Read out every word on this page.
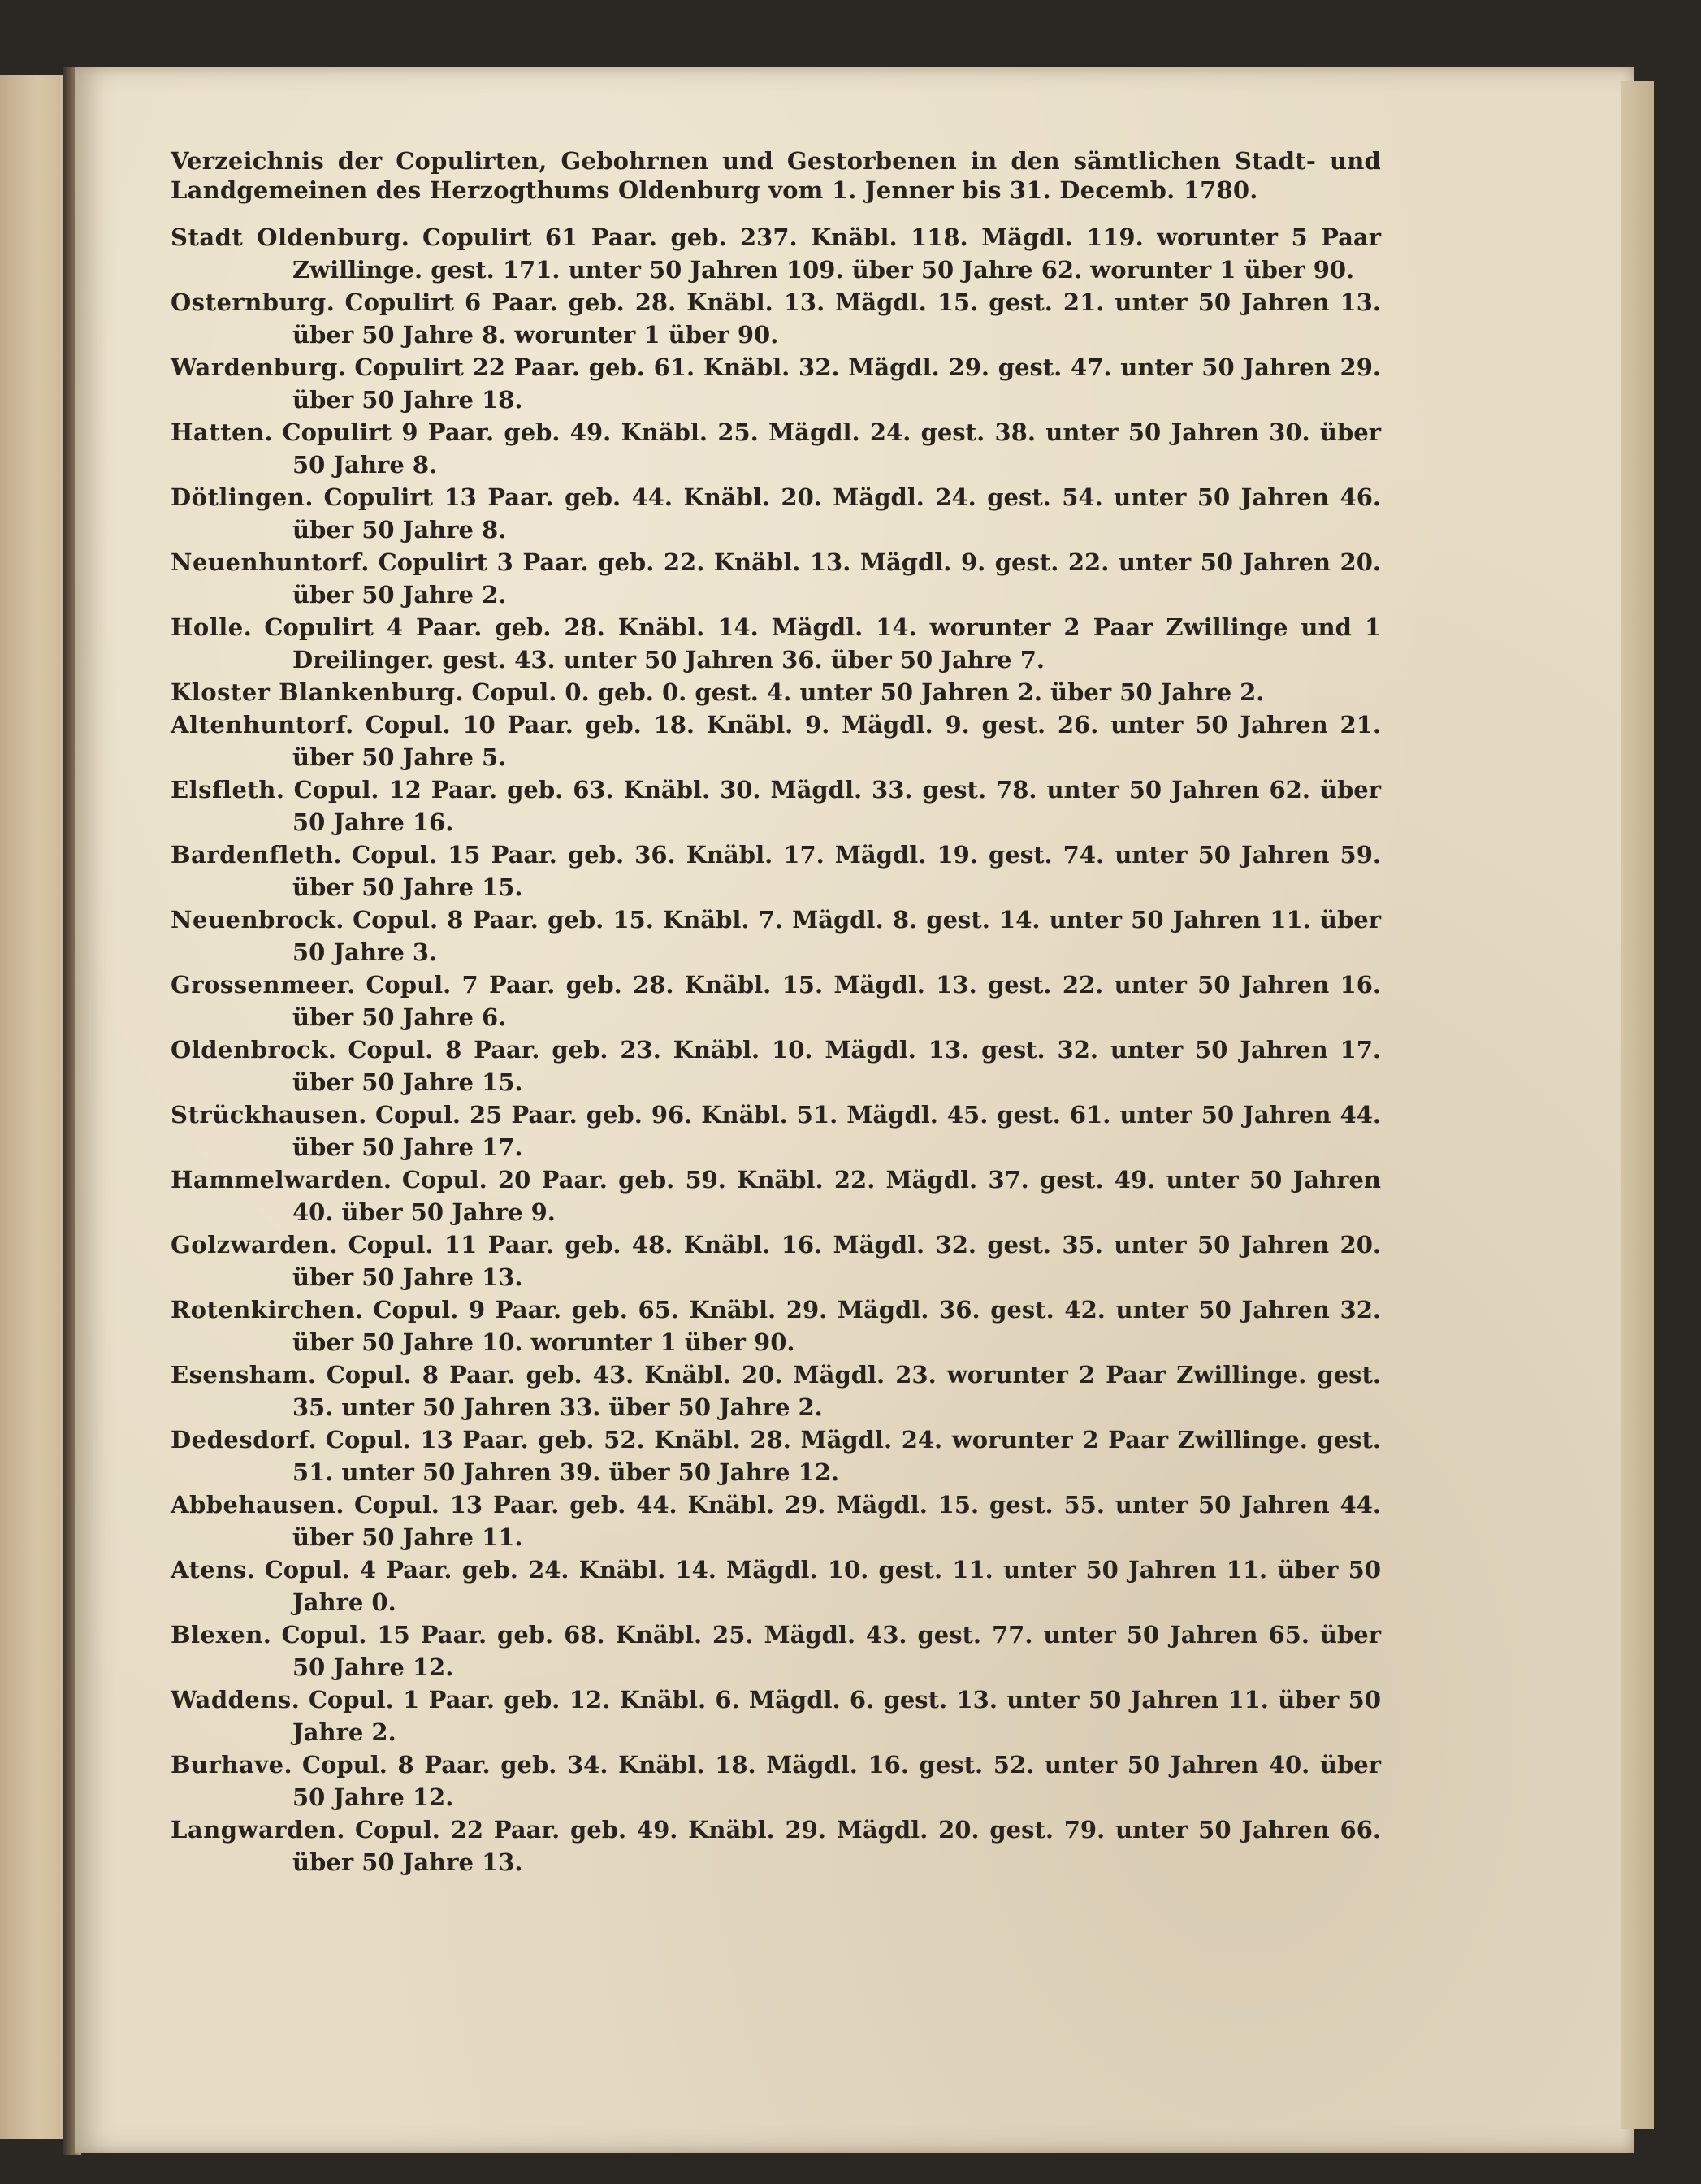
Verzeichnis der Copulirten, Gebohrnen und Gestorbenen in den sämtlichen Stadt- und Landgemeinen des Herzogthums Oldenburg vom 1. Jenner bis 31. Decemb. 1780.
Stadt Oldenburg. Copulirt 61 Paar. geb. 237. Knäbl. 118. Mägdl. 119. worunter 5 Paar Zwillinge. gest. 171. unter 50 Jahren 109. über 50 Jahre 62. worunter 1 über 90.
Osternburg. Copulirt 6 Paar. geb. 28. Knäbl. 13. Mägdl. 15. gest. 21. unter 50 Jahren 13. über 50 Jahre 8. worunter 1 über 90.
Wardenburg. Copulirt 22 Paar. geb. 61. Knäbl. 32. Mägdl. 29. gest. 47. unter 50 Jahren 29. über 50 Jahre 18.
Hatten. Copulirt 9 Paar. geb. 49. Knäbl. 25. Mägdl. 24. gest. 38. unter 50 Jahren 30. über 50 Jahre 8.
Dötlingen. Copulirt 13 Paar. geb. 44. Knäbl. 20. Mägdl. 24. gest. 54. unter 50 Jahren 46. über 50 Jahre 8.
Neuenhuntorf. Copulirt 3 Paar. geb. 22. Knäbl. 13. Mägdl. 9. gest. 22. unter 50 Jahren 20. über 50 Jahre 2.
Holle. Copulirt 4 Paar. geb. 28. Knäbl. 14. Mägdl. 14. worunter 2 Paar Zwillinge und 1 Dreilinger. gest. 43. unter 50 Jahren 36. über 50 Jahre 7.
Kloster Blankenburg. Copul. 0. geb. 0. gest. 4. unter 50 Jahren 2. über 50 Jahre 2.
Altenhuntorf. Copul. 10 Paar. geb. 18. Knäbl. 9. Mägdl. 9. gest. 26. unter 50 Jahren 21. über 50 Jahre 5.
Elsfleth. Copul. 12 Paar. geb. 63. Knäbl. 30. Mägdl. 33. gest. 78. unter 50 Jahren 62. über 50 Jahre 16.
Bardenfleth. Copul. 15 Paar. geb. 36. Knäbl. 17. Mägdl. 19. gest. 74. unter 50 Jahren 59. über 50 Jahre 15.
Neuenbrock. Copul. 8 Paar. geb. 15. Knäbl. 7. Mägdl. 8. gest. 14. unter 50 Jahren 11. über 50 Jahre 3.
Grossenmeer. Copul. 7 Paar. geb. 28. Knäbl. 15. Mägdl. 13. gest. 22. unter 50 Jahren 16. über 50 Jahre 6.
Oldenbrock. Copul. 8 Paar. geb. 23. Knäbl. 10. Mägdl. 13. gest. 32. unter 50 Jahren 17. über 50 Jahre 15.
Strückhausen. Copul. 25 Paar. geb. 96. Knäbl. 51. Mägdl. 45. gest. 61. unter 50 Jahren 44. über 50 Jahre 17.
Hammelwarden. Copul. 20 Paar. geb. 59. Knäbl. 22. Mägdl. 37. gest. 49. unter 50 Jahren 40. über 50 Jahre 9.
Golzwarden. Copul. 11 Paar. geb. 48. Knäbl. 16. Mägdl. 32. gest. 35. unter 50 Jahren 20. über 50 Jahre 13.
Rotenkirchen. Copul. 9 Paar. geb. 65. Knäbl. 29. Mägdl. 36. gest. 42. unter 50 Jahren 32. über 50 Jahre 10. worunter 1 über 90.
Esensham. Copul. 8 Paar. geb. 43. Knäbl. 20. Mägdl. 23. worunter 2 Paar Zwillinge. gest. 35. unter 50 Jahren 33. über 50 Jahre 2.
Dedesdorf. Copul. 13 Paar. geb. 52. Knäbl. 28. Mägdl. 24. worunter 2 Paar Zwillinge. gest. 51. unter 50 Jahren 39. über 50 Jahre 12.
Abbehausen. Copul. 13 Paar. geb. 44. Knäbl. 29. Mägdl. 15. gest. 55. unter 50 Jahren 44. über 50 Jahre 11.
Atens. Copul. 4 Paar. geb. 24. Knäbl. 14. Mägdl. 10. gest. 11. unter 50 Jahren 11. über 50 Jahre 0.
Blexen. Copul. 15 Paar. geb. 68. Knäbl. 25. Mägdl. 43. gest. 77. unter 50 Jahren 65. über 50 Jahre 12.
Waddens. Copul. 1 Paar. geb. 12. Knäbl. 6. Mägdl. 6. gest. 13. unter 50 Jahren 11. über 50 Jahre 2.
Burhave. Copul. 8 Paar. geb. 34. Knäbl. 18. Mägdl. 16. gest. 52. unter 50 Jahren 40. über 50 Jahre 12.
Langwarden. Copul. 22 Paar. geb. 49. Knäbl. 29. Mägdl. 20. gest. 79. unter 50 Jahren 66. über 50 Jahre 13.
